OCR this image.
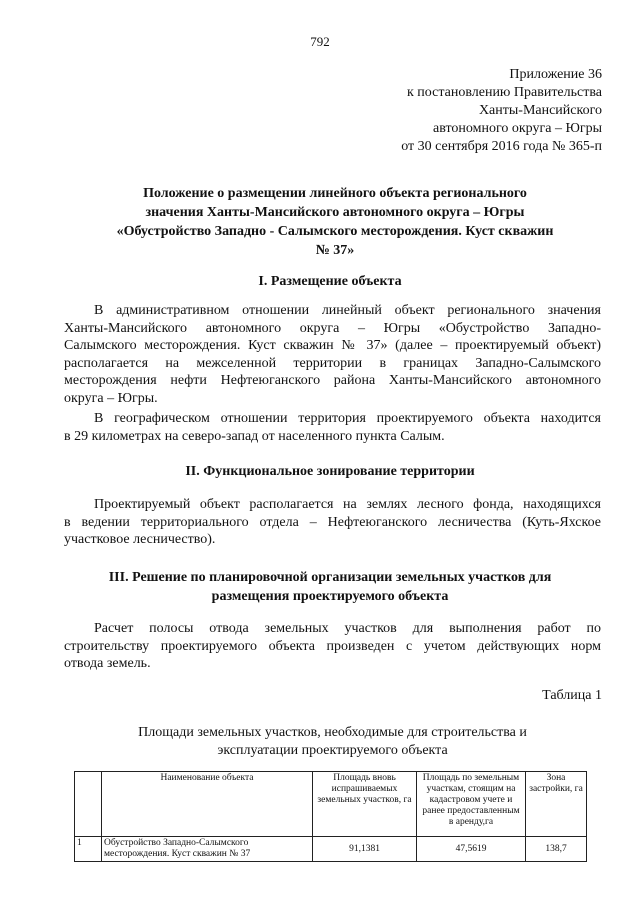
792
Приложение 36
к постановлению Правительства
Ханты-Мансийского
автономного округа – Югры
от 30 сентября 2016 года № 365-п
Положение о размещении линейного объекта регионального
значения Ханты-Мансийского автономного округа – Югры
«Обустройство Западно - Салымского месторождения. Куст скважин
№ 37»
I. Размещение объекта
В административном отношении линейный объект регионального значения
Ханты-Мансийского автономного округа – Югры «Обустройство Западно-
Салымского месторождения. Куст скважин № 37» (далее – проектируемый объект)
располагается на межселенной территории в границах Западно-Салымского
месторождения нефти Нефтеюганского района Ханты-Мансийского автономного
округа – Югры.
В географическом отношении территория проектируемого объекта находится
в 29 километрах на северо-запад от населенного пункта Салым.
II. Функциональное зонирование территории
Проектируемый объект располагается на землях лесного фонда, находящихся
в ведении территориального отдела – Нефтеюганского лесничества (Куть-Яхское
участковое лесничество).
III. Решение по планировочной организации земельных участков для
размещения проектируемого объекта
Расчет полосы отвода земельных участков для выполнения работ по
строительству проектируемого объекта произведен с учетом действующих норм
отвода земель.
Таблица 1
Площади земельных участков, необходимые для строительства и
эксплуатации проектируемого объекта
	Наименование объекта	Площадь вновь испрашиваемых земельных участков, га	Площадь по земельным участкам, стоящим на кадастровом учете и ранее предоставленным в аренду,га	Зона застройки, га
1	Обустройство Западно-Салымского месторождения. Куст скважин № 37	91,1381	47,5619	138,7
